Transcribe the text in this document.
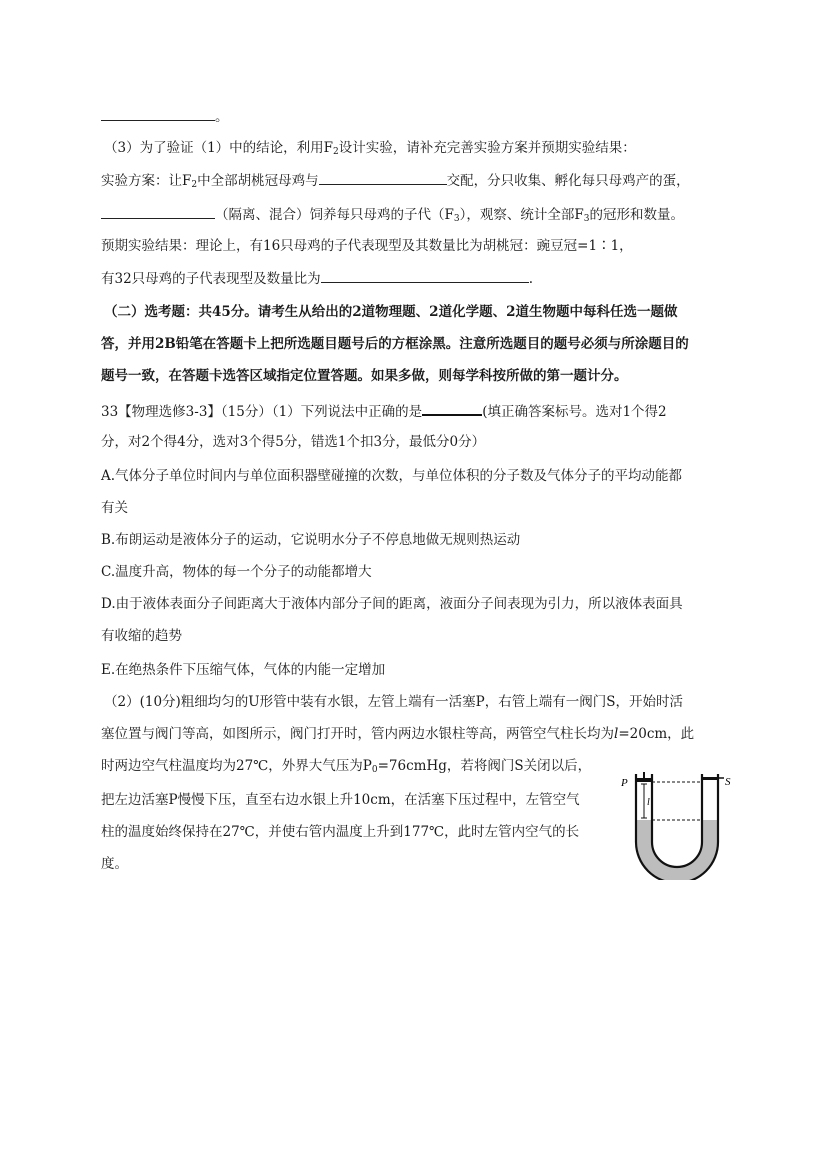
。
（3）为了验证（1）中的结论，利用$F_2$设计实验，请补充完善实验方案并预期实验结果：
实验方案：让$F_2$中全部胡桃冠母鸡与	交配，分只收集、孵化每只母鸡产的蛋，
（隔离、混合）饲养每只母鸡的子代$(F_3)$，观察、统计全部$F_3$的冠形和数量。
预期实验结果：理论上，有16只母鸡的子代表现型及其数量比为胡桃冠：豌豆冠=1∶1，
有32只母鸡的子代表现型及数量比为	.
（二）选考题：共45分。请考生从给出的2道物理题、2道化学题、2道生物题中每科任选一题做
答，并用2B铅笔在答题卡上把所选题目题号后的方框涂黑。注意所选题目的题号必须与所涂题目的
题号一致，在答题卡选答区域指定位置答题。如果多做，则每学科按所做的第一题计分。
33【物理选修3-3】（15分）（1）下列说法中正确的是	(填正确答案标号。选对1个得2
分，对2个得4分，选对3个得5分，错选1个扣3分，最低分0分）
A.气体分子单位时间内与单位面积器壁碰撞的次数，与单位体积的分子数及气体分子的平均动能都
有关
B.布朗运动是液体分子的运动，它说明水分子不停息地做无规则热运动
C.温度升高，物体的每一个分子的动能都增大
D.由于液体表面分子间距离大于液体内部分子间的距离，液面分子间表现为引力，所以液体表面具
有收缩的趋势
E.在绝热条件下压缩气体，气体的内能一定增加
（2）(10分)粗细均匀的U形管中装有水银，左管上端有一活塞P，右管上端有一阀门S，开始时活
塞位置与阀门等高，如图所示，阀门打开时，管内两边水银柱等高，两管空气柱长均为l=20cm，此
时两边空气柱温度均为27℃，外界大气压为$P_0=76cmHg$，若将阀门S关闭以后，
把左边活塞P慢慢下压，直至右边水银上升10cm，在活塞下压过程中，左管空气
柱的温度始终保持在27℃，并使右管内温度上升到177℃，此时左管内空气的长
度。
P	S
l
